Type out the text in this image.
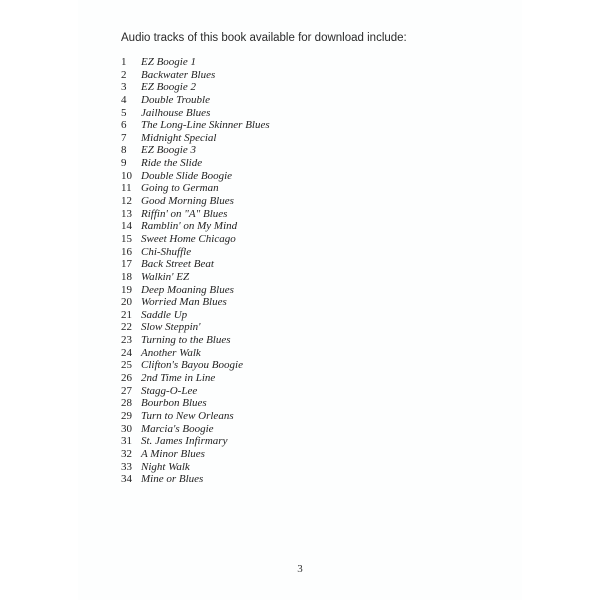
Audio tracks of this book available for download include:
1 EZ Boogie 1
2 Backwater Blues
3 EZ Boogie 2
4 Double Trouble
5 Jailhouse Blues
6 The Long-Line Skinner Blues
7 Midnight Special
8 EZ Boogie 3
9 Ride the Slide
10 Double Slide Boogie
11 Going to German
12 Good Morning Blues
13 Riffin' on "A" Blues
14 Ramblin' on My Mind
15 Sweet Home Chicago
16 Chi-Shuffle
17 Back Street Beat
18 Walkin' EZ
19 Deep Moaning Blues
20 Worried Man Blues
21 Saddle Up
22 Slow Steppin'
23 Turning to the Blues
24 Another Walk
25 Clifton's Bayou Boogie
26 2nd Time in Line
27 Stagg-O-Lee
28 Bourbon Blues
29 Turn to New Orleans
30 Marcia's Boogie
31 St. James Infirmary
32 A Minor Blues
33 Night Walk
34 Mine or Blues
3
